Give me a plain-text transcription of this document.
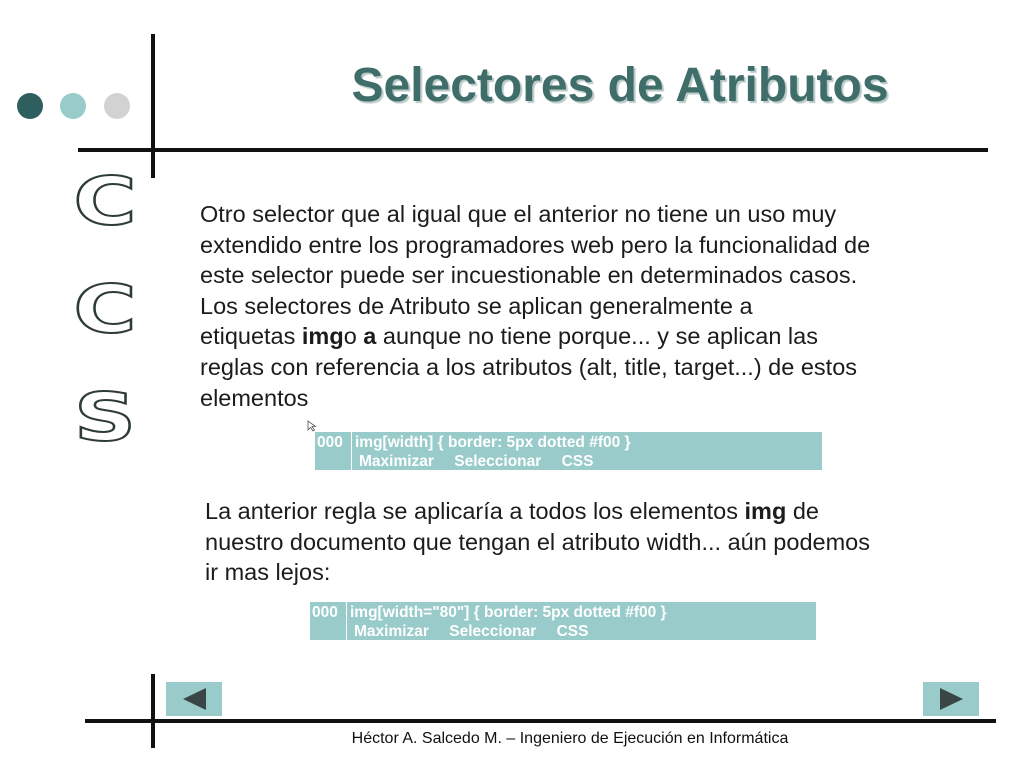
Selectores de Atributos
C
C
S

Otro selector que al igual que el anterior no tiene un uso muy

extendido entre los programadores web pero la funcionalidad de

este selector puede ser incuestionable en determinados casos.

Los selectores de Atributo se aplican generalmente a

etiquetas imgo a aunque no tiene porque... y se aplican las

reglas con referencia a los atributos (alt, title, target...) de estos

elementos

000 img[width] { border: 5px dotted #f00 }
Maximizar Seleccionar CSS

La anterior regla se aplicaría a todos los elementos img de

nuestro documento que tengan el atributo width... aún podemos

ir mas lejos:

000 img[width="80"] { border: 5px dotted #f00 }
Maximizar Seleccionar CSS
Héctor A. Salcedo M. – Ingeniero de Ejecución en Informática
